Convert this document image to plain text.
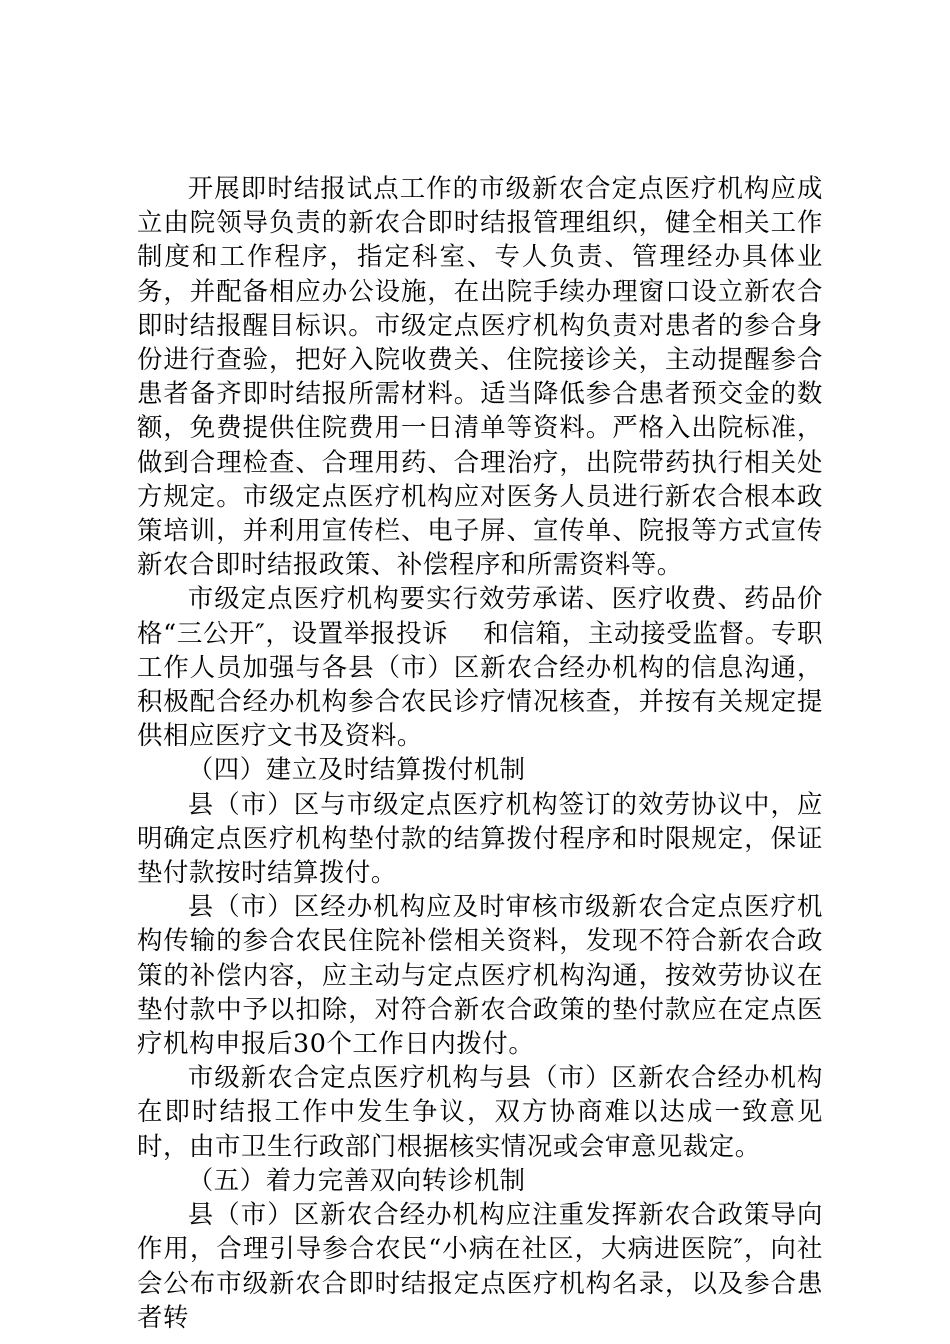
开展即时结报试点工作的市级新农合定点医疗机构应成立由院领导负责的新农合即时结报管理组织，健全相关工作制度和工作程序，指定科室、专人负责、管理经办具体业务，并配备相应办公设施，在出院手续办理窗口设立新农合即时结报醒目标识。市级定点医疗机构负责对患者的参合身份进行查验，把好入院收费关、住院接诊关，主动提醒参合患者备齐即时结报所需材料。适当降低参合患者预交金的数额，免费提供住院费用一日清单等资料。严格入出院标准，做到合理检查、合理用药、合理治疗，出院带药执行相关处方规定。市级定点医疗机构应对医务人员进行新农合根本政策培训，并利用宣传栏、电子屏、宣传单、院报等方式宣传新农合即时结报政策、补偿程序和所需资料等。

市级定点医疗机构要实行效劳承诺、医疗收费、药品价格“三公开″，设置举报投诉　 和信箱，主动接受监督。专职工作人员加强与各县（市）区新农合经办机构的信息沟通，积极配合经办机构参合农民诊疗情况核查，并按有关规定提供相应医疗文书及资料。

（四）建立及时结算拨付机制

县（市）区与市级定点医疗机构签订的效劳协议中，应明确定点医疗机构垫付款的结算拨付程序和时限规定，保证垫付款按时结算拨付。

县（市）区经办机构应及时审核市级新农合定点医疗机构传输的参合农民住院补偿相关资料，发现不符合新农合政策的补偿内容，应主动与定点医疗机构沟通，按效劳协议在垫付款中予以扣除，对符合新农合政策的垫付款应在定点医疗机构申报后30个工作日内拨付。

市级新农合定点医疗机构与县（市）区新农合经办机构在即时结报工作中发生争议，双方协商难以达成一致意见时，由市卫生行政部门根据核实情况或会审意见裁定。

（五）着力完善双向转诊机制

县（市）区新农合经办机构应注重发挥新农合政策导向作用，合理引导参合农民“小病在社区，大病进医院″，向社会公布市级新农合即时结报定点医疗机构名录，以及参合患者转
